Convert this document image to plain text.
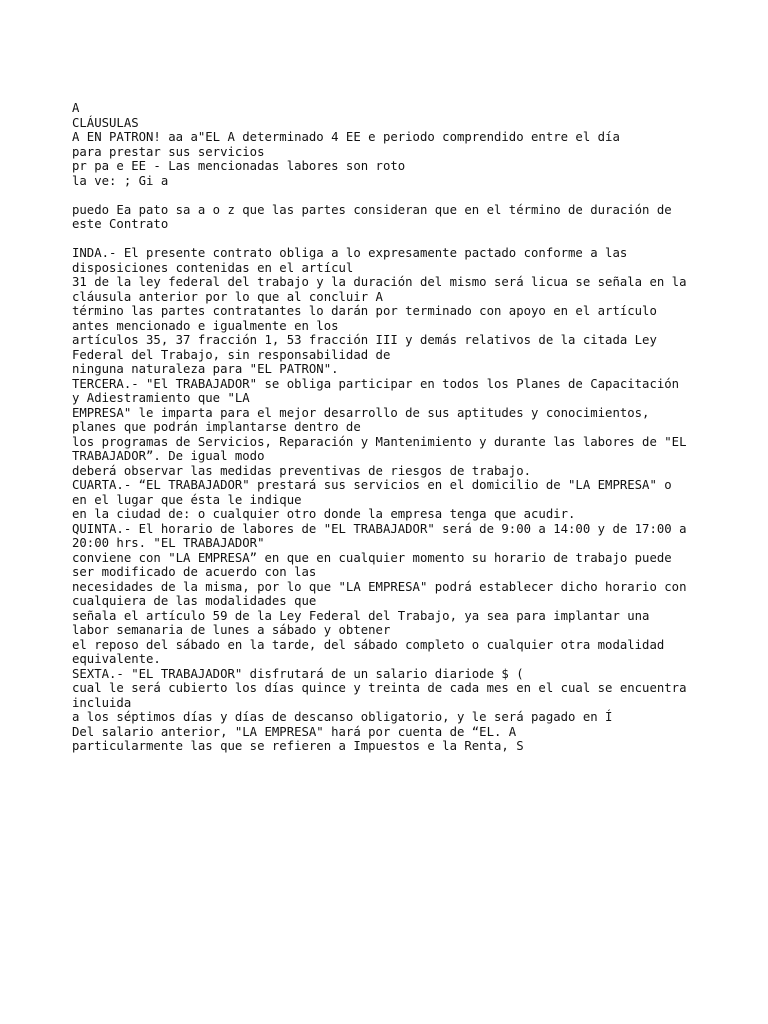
A

CLÁUSULAS

A EN PATRON! aa a"EL A determinado 4 EE e periodo comprendido entre el día

para prestar sus servicios

pr pa e EE - Las mencionadas labores son roto

la ve: ; Gi a

puedo Ea pato sa a o z que las partes consideran que en el término de duración de

este Contrato

INDA.- El presente contrato obliga a lo expresamente pactado conforme a las

disposiciones contenidas en el artícul

31 de la ley federal del trabajo y la duración del mismo será licua se señala en la

cláusula anterior por lo que al concluir A

término las partes contratantes lo darán por terminado con apoyo en el artículo

antes mencionado e igualmente en los

artículos 35, 37 fracción 1, 53 fracción III y demás relativos de la citada Ley

Federal del Trabajo, sin responsabilidad de

ninguna naturaleza para "EL PATRON".

TERCERA.- "El TRABAJADOR" se obliga participar en todos los Planes de Capacitación

y Adiestramiento que "LA

EMPRESA" le imparta para el mejor desarrollo de sus aptitudes y conocimientos,

planes que podrán implantarse dentro de

los programas de Servicios, Reparación y Mantenimiento y durante las labores de "EL

TRABAJADOR”. De igual modo

deberá observar las medidas preventivas de riesgos de trabajo.

CUARTA.- “EL TRABAJADOR" prestará sus servicios en el domicilio de "LA EMPRESA" o

en el lugar que ésta le indique

en la ciudad de: o cualquier otro donde la empresa tenga que acudir.

QUINTA.- El horario de labores de "EL TRABAJADOR" será de 9:00 a 14:00 y de 17:00 a

20:00 hrs. "EL TRABAJADOR"

conviene con "LA EMPRESA” en que en cualquier momento su horario de trabajo puede

ser modificado de acuerdo con las

necesidades de la misma, por lo que "LA EMPRESA" podrá establecer dicho horario con

cualquiera de las modalidades que

señala el artículo 59 de la Ley Federal del Trabajo, ya sea para implantar una

labor semanaria de lunes a sábado y obtener

el reposo del sábado en la tarde, del sábado completo o cualquier otra modalidad

equivalente.

SEXTA.- "EL TRABAJADOR" disfrutará de un salario diariode $ (

cual le será cubierto los días quince y treinta de cada mes en el cual se encuentra

incluida

a los séptimos días y días de descanso obligatorio, y le será pagado en Í

Del salario anterior, "LA EMPRESA" hará por cuenta de “EL. A

particularmente las que se refieren a Impuestos e la Renta, S
